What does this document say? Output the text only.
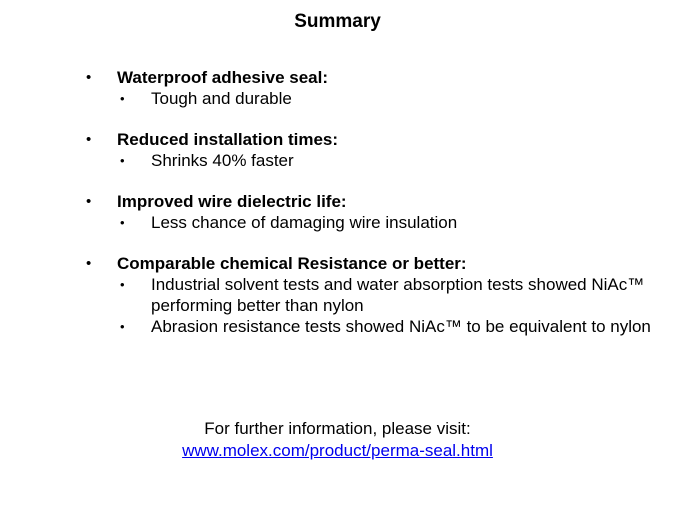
Summary
•	Waterproof adhesive seal:
•	Tough and durable
•	Reduced installation times:
•	Shrinks 40% faster
•	Improved wire dielectric life:
•	Less chance of damaging wire insulation
•	Comparable chemical Resistance or better:
•	Industrial solvent tests and water absorption tests showed NiAc™ performing better than nylon
•	Abrasion resistance tests showed NiAc™ to be equivalent to nylon
For further information, please visit:
www.molex.com/product/perma-seal.html
